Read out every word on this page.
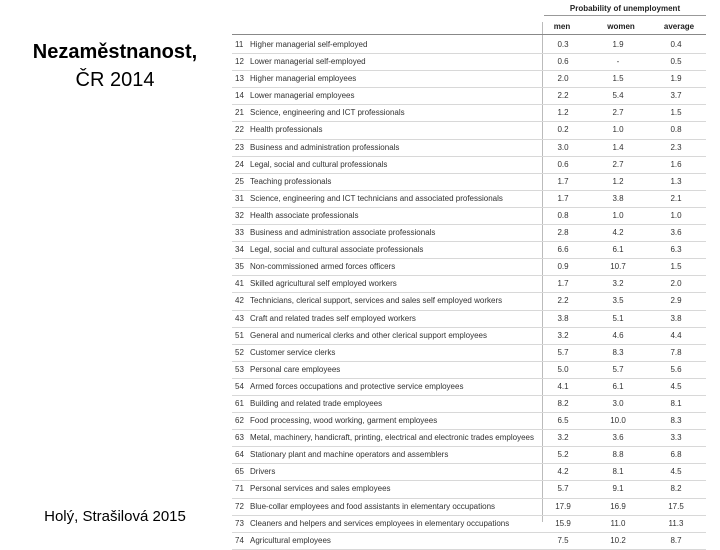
Nezaměstnanost,
ČR 2014
Holý, Strašilová 2015
Probability of unemployment
men	women	average
11 Higher managerial self-employed	0.3	1.9	0.4
12 Lower managerial self-employed	0.6	-	0.5
13 Higher managerial employees	2.0	1.5	1.9
14 Lower managerial employees	2.2	5.4	3.7
21 Science, engineering and ICT professionals	1.2	2.7	1.5
22 Health professionals	0.2	1.0	0.8
23 Business and administration professionals	3.0	1.4	2.3
24 Legal, social and cultural professionals	0.6	2.7	1.6
25 Teaching professionals	1.7	1.2	1.3
31 Science, engineering and ICT technicians and associated professionals	1.7	3.8	2.1
32 Health associate professionals	0.8	1.0	1.0
33 Business and administration associate professionals	2.8	4.2	3.6
34 Legal, social and cultural associate professionals	6.6	6.1	6.3
35 Non-commissioned armed forces officers	0.9	10.7	1.5
41 Skilled agricultural self employed workers	1.7	3.2	2.0
42 Technicians, clerical support, services and sales self employed workers	2.2	3.5	2.9
43 Craft and related trades self employed workers	3.8	5.1	3.8
51 General and numerical clerks and other clerical support employees	3.2	4.6	4.4
52 Customer service clerks	5.7	8.3	7.8
53 Personal care employees	5.0	5.7	5.6
54 Armed forces occupations and protective service employees	4.1	6.1	4.5
61 Building and related trade employees	8.2	3.0	8.1
62 Food processing, wood working, garment employees	6.5	10.0	8.3
63 Metal, machinery, handicraft, printing, electrical and electronic trades employees	3.2	3.6	3.3
64 Stationary plant and machine operators and assemblers	5.2	8.8	6.8
65 Drivers	4.2	8.1	4.5
71 Personal services and sales employees	5.7	9.1	8.2
72 Blue-collar employees and food assistants in elementary occupations	17.9	16.9	17.5
73 Cleaners and helpers and services employees in elementary occupations	15.9	11.0	11.3
74 Agricultural employees	7.5	10.2	8.7
